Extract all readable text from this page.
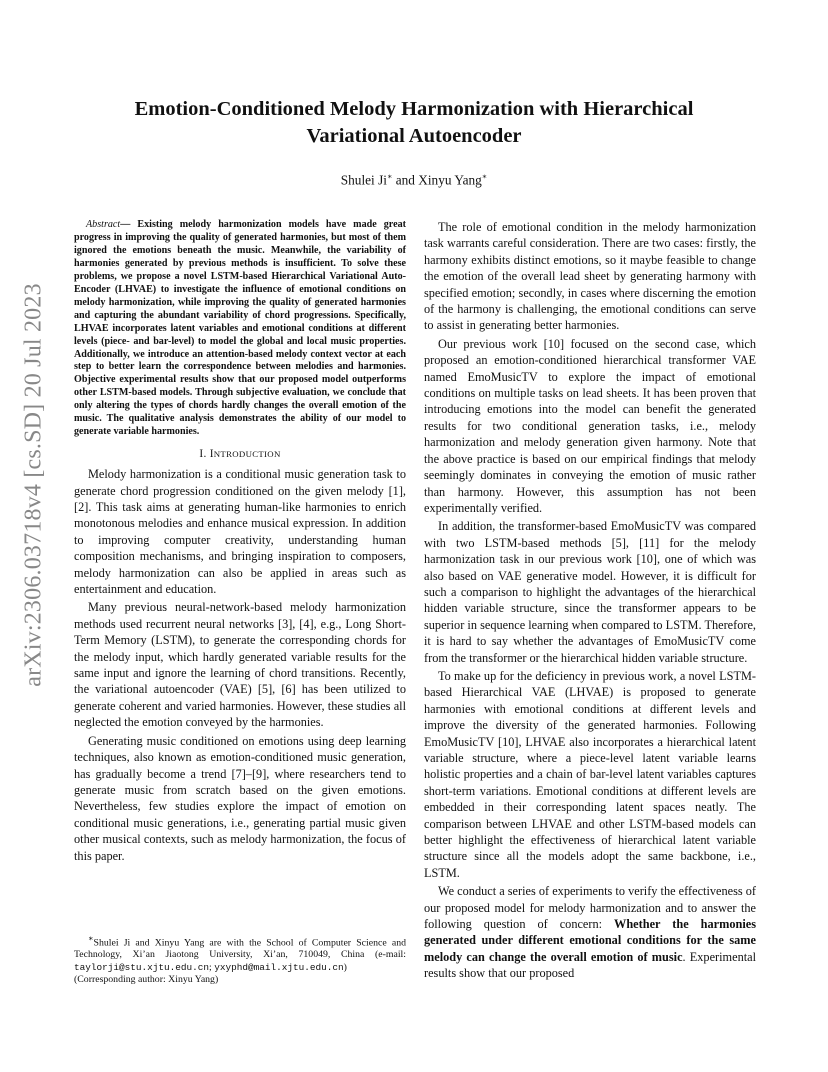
arXiv:2306.03718v4 [cs.SD] 20 Jul 2023
Emotion-Conditioned Melody Harmonization with Hierarchical
Variational Autoencoder
Shulei Ji∗ and Xinyu Yang∗

Abstract— Existing melody harmonization models have made great progress in improving the quality of generated harmonies, but most of them ignored the emotions beneath the music. Meanwhile, the variability of harmonies generated by previous methods is insufficient. To solve these problems, we propose a novel LSTM-based Hierarchical Variational Auto-Encoder (LHVAE) to investigate the influence of emotional conditions on melody harmonization, while improving the quality of generated harmonies and capturing the abundant variability of chord progressions. Specifically, LHVAE incorporates latent variables and emotional conditions at different levels (piece- and bar-level) to model the global and local music properties. Additionally, we introduce an attention-based melody context vector at each step to better learn the correspondence between melodies and harmonies. Objective experimental results show that our proposed model outperforms other LSTM-based models. Through subjective evaluation, we conclude that only altering the types of chords hardly changes the overall emotion of the music. The qualitative analysis demonstrates the ability of our model to generate variable harmonies.

I. INTRODUCTION

Melody harmonization is a conditional music generation task to generate chord progression conditioned on the given melody [1], [2]. This task aims at generating human-like harmonies to enrich monotonous melodies and enhance musical expression. In addition to improving computer creativity, understanding human composition mechanisms, and bringing inspiration to composers, melody harmonization can also be applied in areas such as entertainment and education.

Many previous neural-network-based melody harmonization methods used recurrent neural networks [3], [4], e.g., Long Short-Term Memory (LSTM), to generate the corresponding chords for the melody input, which hardly generated variable results for the same input and ignore the learning of chord transitions. Recently, the variational autoencoder (VAE) [5], [6] has been utilized to generate coherent and varied harmonies. However, these studies all neglected the emotion conveyed by the harmonies.

Generating music conditioned on emotions using deep learning techniques, also known as emotion-conditioned music generation, has gradually become a trend [7]–[9], where researchers tend to generate music from scratch based on the given emotions. Nevertheless, few studies explore the impact of emotion on conditional music generations, i.e., generating partial music given other musical contexts, such as melody harmonization, the focus of this paper.

∗Shulei Ji and Xinyu Yang are with the School of Computer Science and Technology, Xi’an Jiaotong University, Xi’an, 710049, China (e-mail: taylorji@stu.xjtu.edu.cn; yxyphd@mail.xjtu.edu.cn)

(Corresponding author: Xinyu Yang)

The role of emotional condition in the melody harmonization task warrants careful consideration. There are two cases: firstly, the harmony exhibits distinct emotions, so it maybe feasible to change the emotion of the overall lead sheet by generating harmony with specified emotion; secondly, in cases where discerning the emotion of the harmony is challenging, the emotional conditions can serve to assist in generating better harmonies.

Our previous work [10] focused on the second case, which proposed an emotion-conditioned hierarchical transformer VAE named EmoMusicTV to explore the impact of emotional conditions on multiple tasks on lead sheets. It has been proven that introducing emotions into the model can benefit the generated results for two conditional generation tasks, i.e., melody harmonization and melody generation given harmony. Note that the above practice is based on our empirical findings that melody seemingly dominates in conveying the emotion of music rather than harmony. However, this assumption has not been experimentally verified.

In addition, the transformer-based EmoMusicTV was compared with two LSTM-based methods [5], [11] for the melody harmonization task in our previous work [10], one of which was also based on VAE generative model. However, it is difficult for such a comparison to highlight the advantages of the hierarchical hidden variable structure, since the transformer appears to be superior in sequence learning when compared to LSTM. Therefore, it is hard to say whether the advantages of EmoMusicTV come from the transformer or the hierarchical hidden variable structure.

To make up for the deficiency in previous work, a novel LSTM-based Hierarchical VAE (LHVAE) is proposed to generate harmonies with emotional conditions at different levels and improve the diversity of the generated harmonies. Following EmoMusicTV [10], LHVAE also incorporates a hierarchical latent variable structure, where a piece-level latent variable learns holistic properties and a chain of bar-level latent variables captures short-term variations. Emotional conditions at different levels are embedded in their corresponding latent spaces neatly. The comparison between LHVAE and other LSTM-based models can better highlight the effectiveness of hierarchical latent variable structure since all the models adopt the same backbone, i.e., LSTM.

We conduct a series of experiments to verify the effectiveness of our proposed model for melody harmonization and to answer the following question of concern: Whether the harmonies generated under different emotional conditions for the same melody can change the overall emotion of music. Experimental results show that our proposed
